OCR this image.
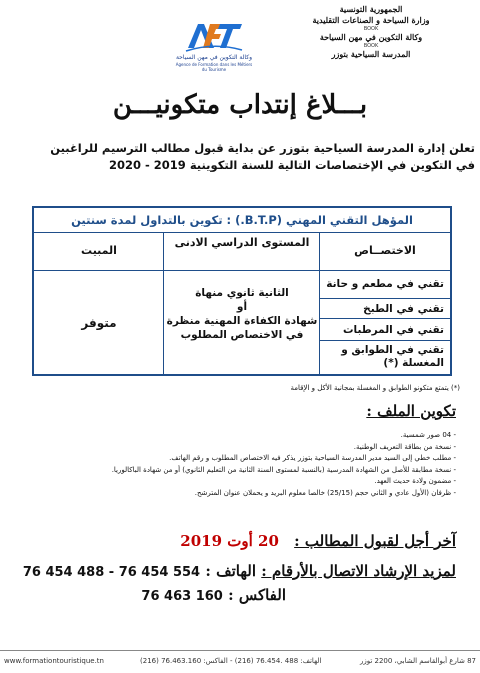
الجمهورية التونسية
وزارة السياحة و الصناعات التقليدية
BOOK
وكالة التكوين في مهن السياحة
BOOK
المدرسة السياحية بتوزر
وكالة التكوين في مهن السياحة
Agence de Formation dans les Métiers du Tourisme
بـــلاغ إنتداب متكونيـــن
تعلن إدارة المدرسة السياحية بتوزر عن بداية قبول مطالب الترسيم للراغبين
في التكوين في الإختصاصات التالية للسنة التكوينية 2019 - 2020
المؤهل التقني المهني (B.T.P.) : تكوين بالتداول لمدة سنتين
الاختصــاص
المستوى الدراسي الادنى
المبيت
تقني في مطعم و حانة
تقني في الطبخ
تقني في المرطبات
تقني في الطوابق و المغسلة (*)
الثانية ثانوي منهاة
أو
شهادة الكفاءة المهنية منظرة
في الاختصاص المطلوب
متوفر
(*) يتمتع متكونو الطوابق و المغسلة بمجانية الأكل و الإقامة
تكوين الملف :
- 04 صور شمسية.
- نسخة من بطاقة التعريف الوطنية.
- مطلب خطي إلى السيد مدير المدرسة السياحية بتوزر يذكر فيه الاختصاص المطلوب و رقم الهاتف.
- نسخة مطابقة للأصل من الشهادة المدرسية (بالنسبة لمستوى السنة الثانية من التعليم الثانوي) أو من شهادة الباكالوريا.
- مضمون ولادة حديث العهد.
- ظرفان (الأول عادي و الثاني حجم (25/15) خالصا معلوم البريد و يحملان عنوان المترشح.
آخر أجل لقبول المطالب : 20 أوت 2019
لمزيد الإرشاد الاتصال بالأرقام : الهاتف : 76 454 488 - 76 454 554
الفاكس : 76 463 160
www.formationtouristique.tn	الهاتف: 488 .76.454 (216) - الفاكس: 76.463.160 (216)	87 شارع أبوالقاسم الشابي، 2200 توزر
